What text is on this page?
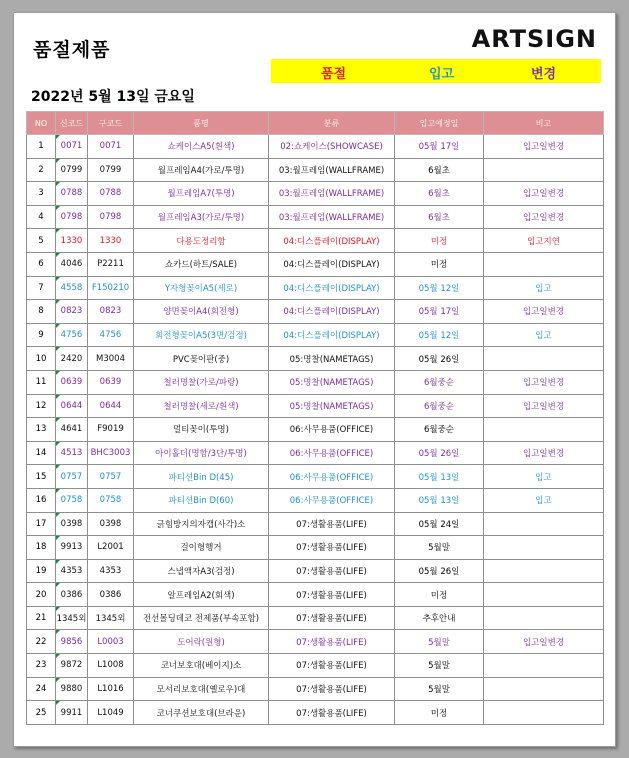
품절제품	ARTSIGN
품절	입고	변경
2022년 5월 13일 금요일
NO	신코드	구코드	품명	분류	입고예정일	비고
1	0071	0071	쇼케이스A5(흰색)	02:쇼케이스(SHOWCASE)	05월 17일	입고일변경
2	0799	0799	월프레임A4(가로/투명)	03:월프레임(WALLFRAME)	6월초	
3	0788	0788	월프레임A7(투명)	03:월프레임(WALLFRAME)	6월초	입고일변경
4	0798	0798	월프레임A3(가로/투명)	03:월프레임(WALLFRAME)	6월초	입고일변경
5	1330	1330	다용도정리함	04:디스플레이(DISPLAY)	미정	입고지연
6	4046	P2211	쇼카드(하트/SALE)	04:디스플레이(DISPLAY)	미정	
7	4558	F150210	Y자형꽂이A5(세로)	04:디스플레이(DISPLAY)	05월 12일	입고
8	0823	0823	양면꽂이A4(회전형)	04:디스플레이(DISPLAY)	05월 17일	입고일변경
9	4756	4756	회전형꽂이A5(3면/검정)	04:디스플레이(DISPLAY)	05월 12일	입고
10	2420	M3004	PVC꽂이판(중)	05:명찰(NAMETAGS)	05월 26일	
11	0639	0639	철러명찰(가로/파랑)	05:명찰(NAMETAGS)	6월중순	입고일변경
12	0644	0644	철러명찰(세로/흰색)	05:명찰(NAMETAGS)	6월중순	입고일변경
13	4641	F9019	멀티꽂이(투명)	06:사무용품(OFFICE)	6월중순	
14	4513	BHC3003	아이홀더(명함/3단/투명)	06:사무용품(OFFICE)	05월 26일	입고일변경
15	0757	0757	파티션Bin D(45)	06:사무용품(OFFICE)	05월 13일	입고
16	0758	0758	파티션Bin D(60)	06:사무용품(OFFICE)	05월 13일	입고
17	0398	0398	긁힘방지의자캡(사각)소	07:생활용품(LIFE)	05월 24일	
18	9913	L2001	걸이형행거	07:생활용품(LIFE)	5월말	
19	4353	4353	스냅액자A3(검정)	07:생활용품(LIFE)	05월 26일	
20	0386	0386	알프레임A2(회색)	07:생활용품(LIFE)	미정	
21	1345외	1345외	전선몰딩데코 전제품(부속포함)	07:생활용품(LIFE)	추후안내	
22	9856	L0003	도어락(원형)	07:생활용품(LIFE)	5월말	입고일변경
23	9872	L1008	코너보호대(베이지)소	07:생활용품(LIFE)	5월말	
24	9880	L1016	모서리보호대(옐로우)대	07:생활용품(LIFE)	5월말	
25	9911	L1049	코너쿠션보호대(브라운)	07:생활용품(LIFE)	미정	
